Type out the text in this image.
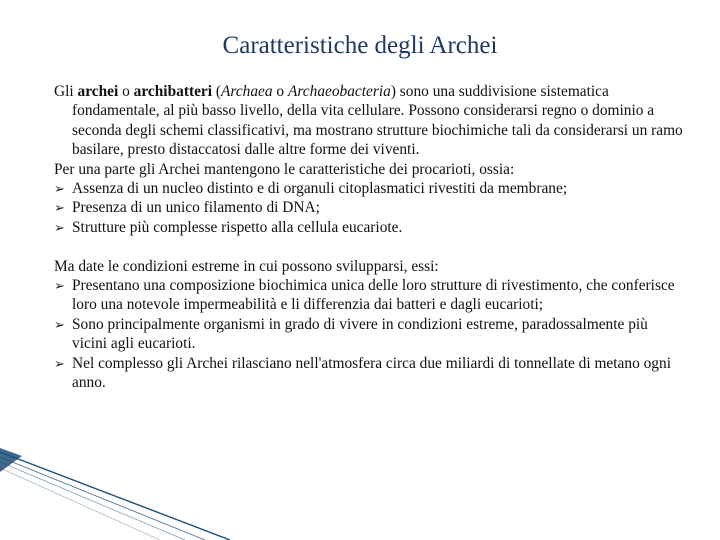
Caratteristiche degli Archei

Gli archei o archibatteri (Archaea o Archaeobacteria) sono una suddivisione sistematica fondamentale, al più basso livello, della vita cellulare. Possono considerarsi regno o dominio a seconda degli schemi classificativi, ma mostrano strutture biochimiche tali da considerarsi un ramo basilare, presto distaccatosi dalle altre forme dei viventi.

Per una parte gli Archei mantengono le caratteristiche dei procarioti, ossia:

➢ Assenza di un nucleo distinto e di organuli citoplasmatici rivestiti da membrane;
➢ Presenza di un unico filamento di DNA;
➢ Strutture più complesse rispetto alla cellula eucariote.

Ma date le condizioni estreme in cui possono svilupparsi, essi:

➢ Presentano una composizione biochimica unica delle loro strutture di rivestimento, che conferisce loro una notevole impermeabilità e li differenzia dai batteri e dagli eucarioti;
➢ Sono principalmente organismi in grado di vivere in condizioni estreme, paradossalmente più vicini agli eucarioti.
➢ Nel complesso gli Archei rilasciano nell'atmosfera circa due miliardi di tonnellate di metano ogni anno.
